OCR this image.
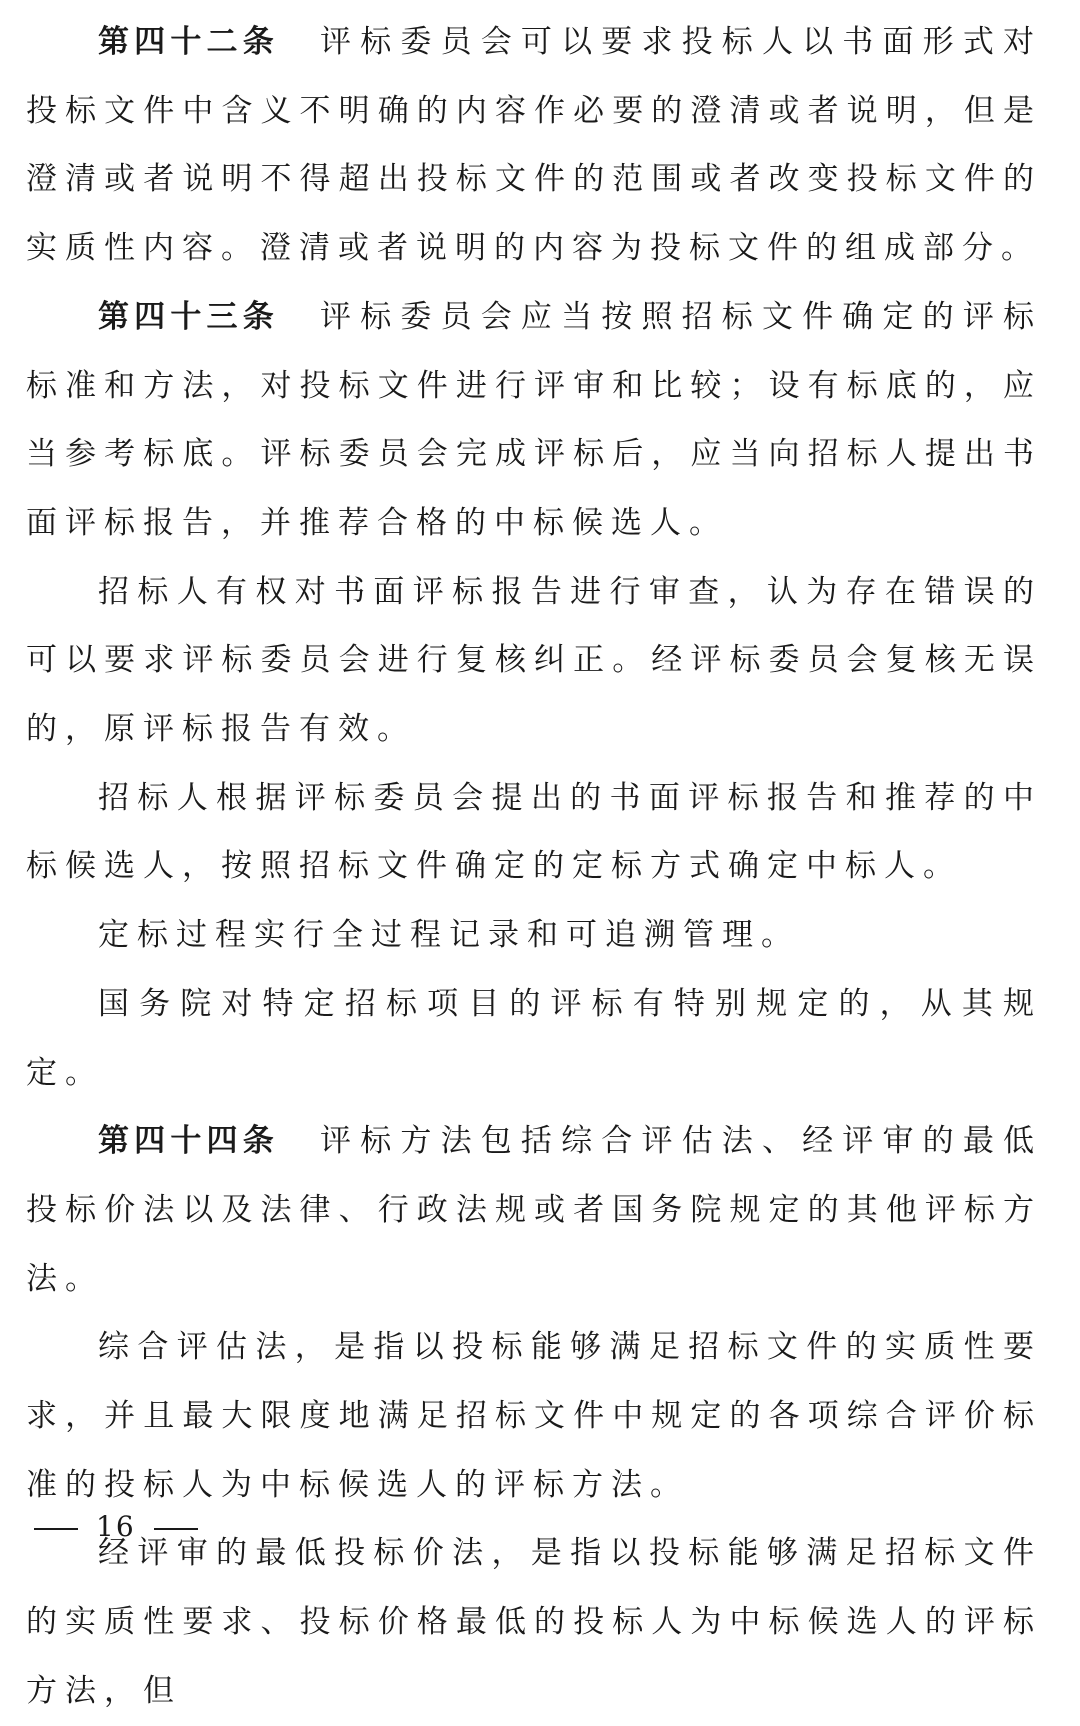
第四十二条 评标委员会可以要求投标人以书面形式对投标文件中含义不明确的内容作必要的澄清或者说明，但是澄清或者说明不得超出投标文件的范围或者改变投标文件的实质性内容。澄清或者说明的内容为投标文件的组成部分。

第四十三条 评标委员会应当按照招标文件确定的评标标准和方法，对投标文件进行评审和比较；设有标底的，应当参考标底。评标委员会完成评标后，应当向招标人提出书面评标报告，并推荐合格的中标候选人。

招标人有权对书面评标报告进行审查，认为存在错误的可以要求评标委员会进行复核纠正。经评标委员会复核无误的，原评标报告有效。

招标人根据评标委员会提出的书面评标报告和推荐的中标候选人，按照招标文件确定的定标方式确定中标人。

定标过程实行全过程记录和可追溯管理。

国务院对特定招标项目的评标有特别规定的，从其规定。

第四十四条 评标方法包括综合评估法、经评审的最低投标价法以及法律、行政法规或者国务院规定的其他评标方法。

综合评估法，是指以投标能够满足招标文件的实质性要求，并且最大限度地满足招标文件中规定的各项综合评价标准的投标人为中标候选人的评标方法。

经评审的最低投标价法，是指以投标能够满足招标文件的实质性要求、投标价格最低的投标人为中标候选人的评标方法，但

16
